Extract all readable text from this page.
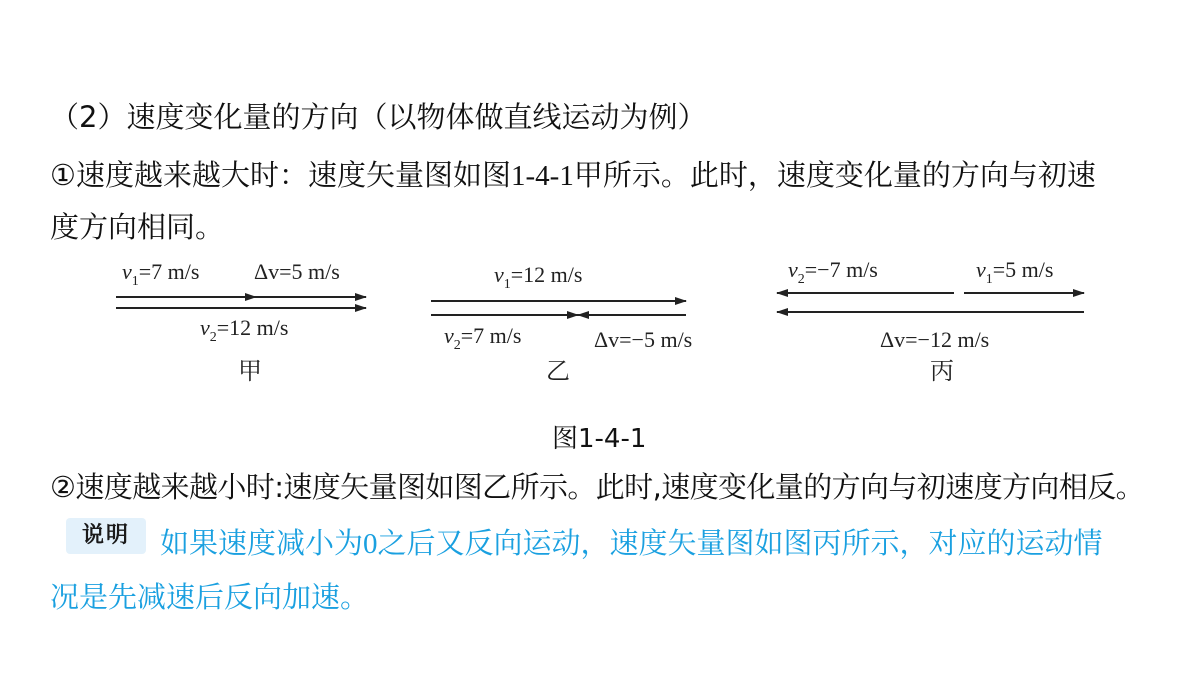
（2）速度变化量的方向（以物体做直线运动为例）
①速度越来越大时：速度矢量图如图1-4-1甲所示。此时，速度变化量的方向与初速
度方向相同。
$v_1=7$ m/s Δv=5 m/s
$v_2=12$ m/s
甲
$v_1=12$ m/s
$v_2=7$ m/s	Δv=−5 m/s
乙
$v_2=-7$ m/s	$v_1=5$ m/s
Δv=−12 m/s
丙
图1-4-1
②速度越来越小时:速度矢量图如图乙所示。此时,速度变化量的方向与初速度方向相反。
说明	如果速度减小为0之后又反向运动，速度矢量图如图丙所示，对应的运动情
况是先减速后反向加速。
